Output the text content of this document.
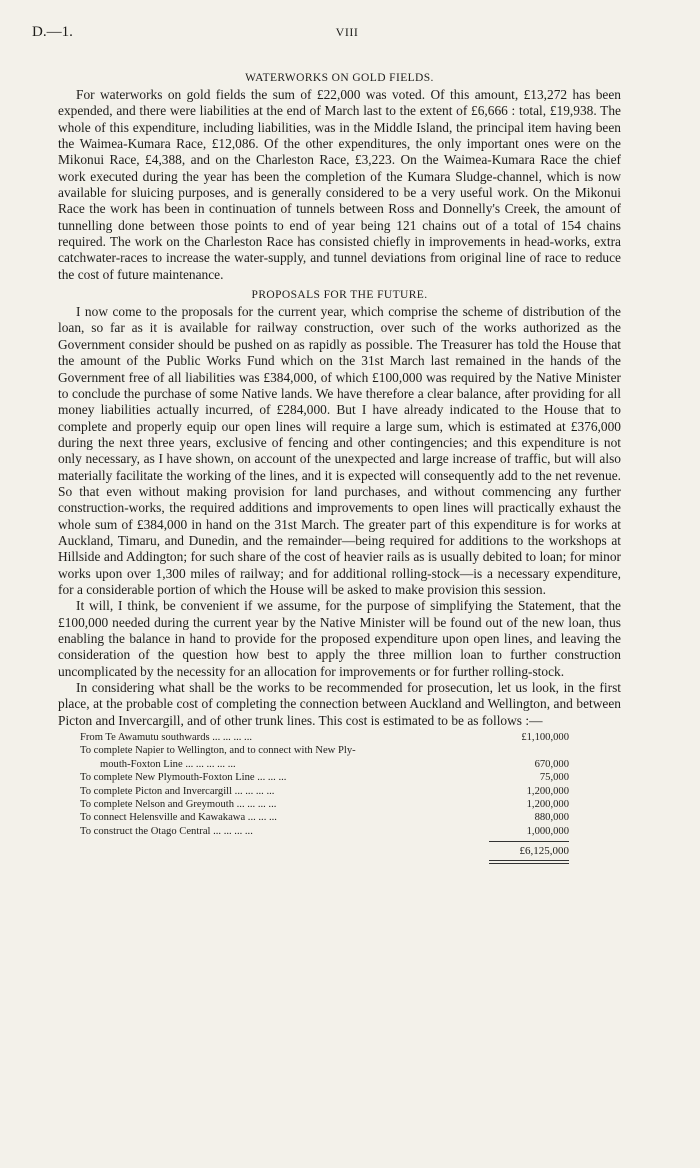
D.—1.	VIII
WATERWORKS ON GOLD FIELDS.

For waterworks on gold fields the sum of £22,000 was voted. Of this amount, £13,272 has been expended, and there were liabilities at the end of March last to the extent of £6,666 : total, £19,938. The whole of this expenditure, including liabilities, was in the Middle Island, the principal item having been the Waimea-Kumara Race, £12,086. Of the other expenditures, the only important ones were on the Mikonui Race, £4,388, and on the Charleston Race, £3,223. On the Waimea-Kumara Race the chief work executed during the year has been the completion of the Kumara Sludge-channel, which is now available for sluicing purposes, and is generally considered to be a very useful work. On the Mikonui Race the work has been in continuation of tunnels between Ross and Donnelly's Creek, the amount of tunnelling done between those points to end of year being 121 chains out of a total of 154 chains required. The work on the Charleston Race has consisted chiefly in improvements in head-works, extra catchwater-races to increase the water-supply, and tunnel deviations from original line of race to reduce the cost of future maintenance.

PROPOSALS FOR THE FUTURE.

I now come to the proposals for the current year, which comprise the scheme of distribution of the loan, so far as it is available for railway construction, over such of the works authorized as the Government consider should be pushed on as rapidly as possible. The Treasurer has told the House that the amount of the Public Works Fund which on the 31st March last remained in the hands of the Government free of all liabilities was £384,000, of which £100,000 was required by the Native Minister to conclude the purchase of some Native lands. We have therefore a clear balance, after providing for all money liabilities actually incurred, of £284,000. But I have already indicated to the House that to complete and properly equip our open lines will require a large sum, which is estimated at £376,000 during the next three years, exclusive of fencing and other contingencies; and this expenditure is not only necessary, as I have shown, on account of the unexpected and large increase of traffic, but will also materially facilitate the working of the lines, and it is expected will consequently add to the net revenue. So that even without making provision for land purchases, and without commencing any further construction-works, the required additions and improvements to open lines will practically exhaust the whole sum of £384,000 in hand on the 31st March. The greater part of this expenditure is for works at Auckland, Timaru, and Dunedin, and the remainder—being required for additions to the workshops at Hillside and Addington; for such share of the cost of heavier rails as is usually debited to loan; for minor works upon over 1,300 miles of railway; and for additional rolling-stock—is a necessary expenditure, for a considerable portion of which the House will be asked to make provision this session.

It will, I think, be convenient if we assume, for the purpose of simplifying the Statement, that the £100,000 needed during the current year by the Native Minister will be found out of the new loan, thus enabling the balance in hand to provide for the proposed expenditure upon open lines, and leaving the consideration of the question how best to apply the three million loan to further construction uncomplicated by the necessity for an allocation for improvements or for further rolling-stock.

In considering what shall be the works to be recommended for prosecution, let us look, in the first place, at the probable cost of completing the connection between Auckland and Wellington, and between Picton and Invercargill, and of other trunk lines. This cost is estimated to be as follows :—

From Te Awamutu southwards ... ... ... ...	£1,100,000
To complete Napier to Wellington, and to connect with New Ply-
mouth-Foxton Line ... ... ... ... ...	670,000
To complete New Plymouth-Foxton Line ... ... ...	75,000
To complete Picton and Invercargill ... ... ... ...	1,200,000
To complete Nelson and Greymouth ... ... ... ...	1,200,000
To connect Helensville and Kawakawa ... ... ...	880,000
To construct the Otago Central ... ... ... ...	1,000,000
£6,125,000
